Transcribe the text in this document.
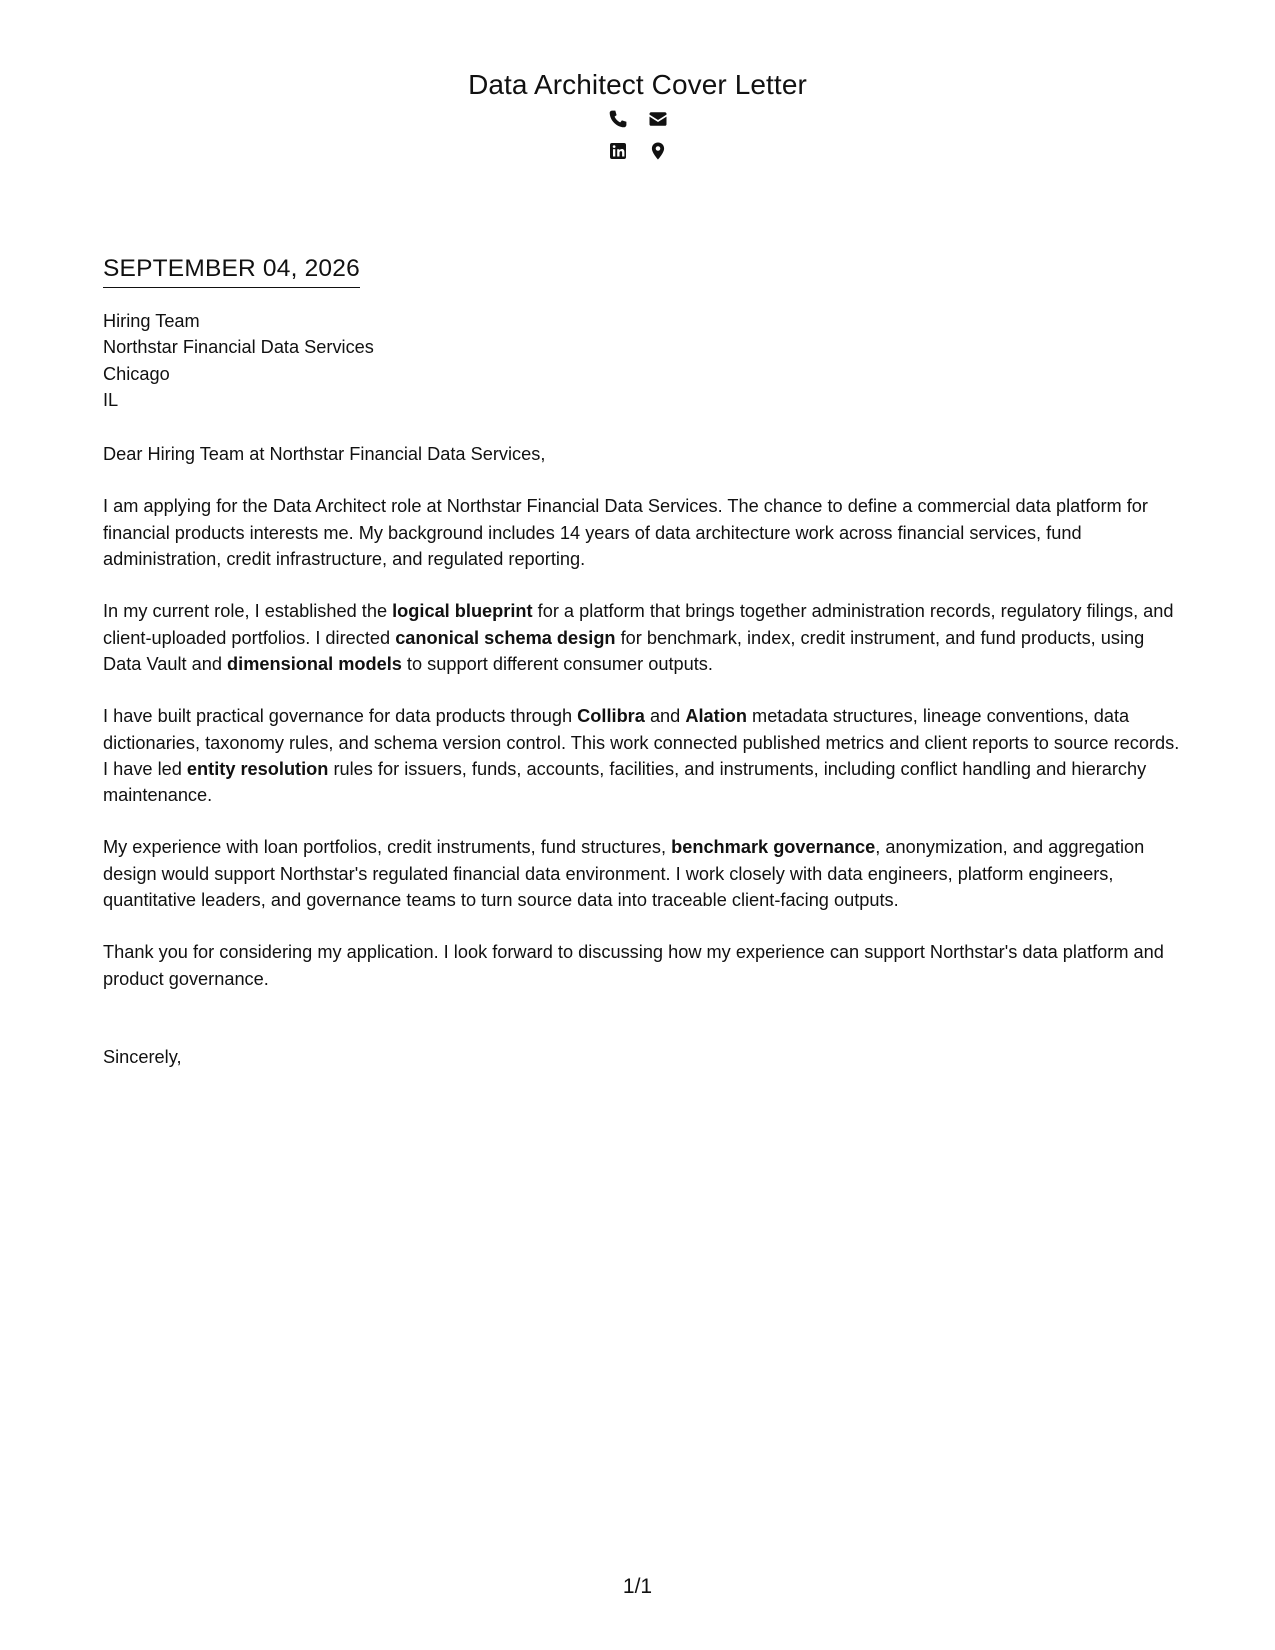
Data Architect Cover Letter
SEPTEMBER 04, 2026
Hiring Team
Northstar Financial Data Services
Chicago
IL
Dear Hiring Team at Northstar Financial Data Services,

I am applying for the Data Architect role at Northstar Financial Data Services. The chance to define a commercial data platform for financial products interests me. My background includes 14 years of data architecture work across financial services, fund administration, credit infrastructure, and regulated reporting.

In my current role, I established the logical blueprint for a platform that brings together administration records, regulatory filings, and client-uploaded portfolios. I directed canonical schema design for benchmark, index, credit instrument, and fund products, using Data Vault and dimensional models to support different consumer outputs.

I have built practical governance for data products through Collibra and Alation metadata structures, lineage conventions, data dictionaries, taxonomy rules, and schema version control. This work connected published metrics and client reports to source records. I have led entity resolution rules for issuers, funds, accounts, facilities, and instruments, including conflict handling and hierarchy maintenance.

My experience with loan portfolios, credit instruments, fund structures, benchmark governance, anonymization, and aggregation design would support Northstar's regulated financial data environment. I work closely with data engineers, platform engineers, quantitative leaders, and governance teams to turn source data into traceable client-facing outputs.

Thank you for considering my application. I look forward to discussing how my experience can support Northstar's data platform and product governance.

Sincerely,
1/1
